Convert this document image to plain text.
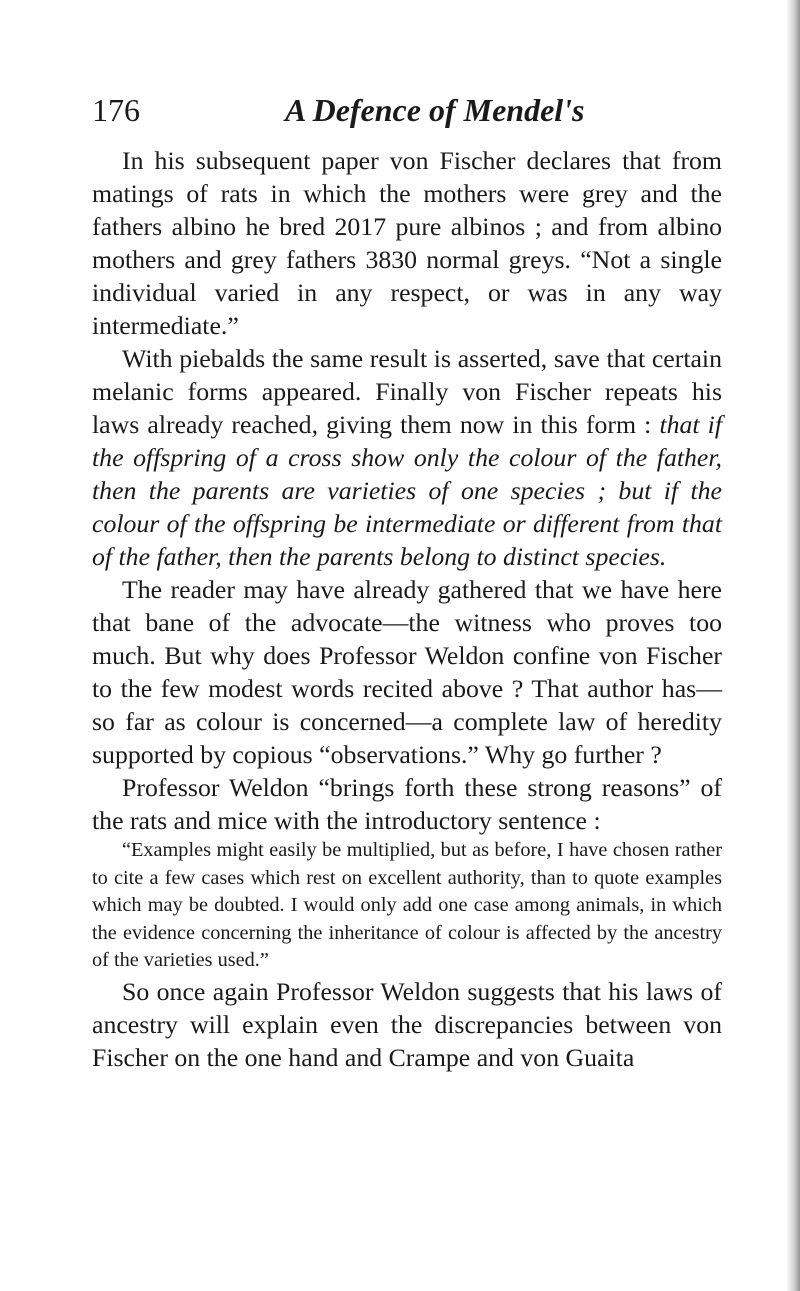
176	A Defence of Mendel's

In his subsequent paper von Fischer declares that from matings of rats in which the mothers were grey and the fathers albino he bred 2017 pure albinos ; and from albino mothers and grey fathers 3830 normal greys. “Not a single individual varied in any respect, or was in any way intermediate.”

With piebalds the same result is asserted, save that certain melanic forms appeared. Finally von Fischer repeats his laws already reached, giving them now in this form : that if the offspring of a cross show only the colour of the father, then the parents are varieties of one species ; but if the colour of the offspring be intermediate or different from that of the father, then the parents belong to distinct species.

The reader may have already gathered that we have here that bane of the advocate—the witness who proves too much. But why does Professor Weldon confine von Fischer to the few modest words recited above ? That author has—so far as colour is concerned—a complete law of heredity supported by copious “observations.” Why go further ?

Professor Weldon “brings forth these strong reasons” of the rats and mice with the introductory sentence :

“Examples might easily be multiplied, but as before, I have chosen rather to cite a few cases which rest on excellent authority, than to quote examples which may be doubted. I would only add one case among animals, in which the evidence concerning the inheritance of colour is affected by the ancestry of the varieties used.”

So once again Professor Weldon suggests that his laws of ancestry will explain even the discrepancies between von Fischer on the one hand and Crampe and von Guaita
